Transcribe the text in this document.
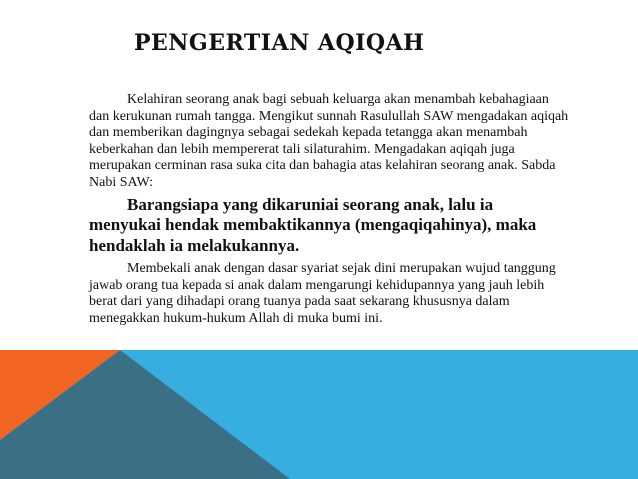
PENGERTIAN AQIQAH

Kelahiran seorang anak bagi sebuah keluarga akan menambah kebahagiaan dan kerukunan rumah tangga. Mengikut sunnah Rasulullah SAW mengadakan aqiqah dan memberikan dagingnya sebagai sedekah kepada tetangga akan menambah keberkahan dan lebih mempererat tali silaturahim. Mengadakan aqiqah juga merupakan cerminan rasa suka cita dan bahagia atas kelahiran seorang anak. Sabda Nabi SAW:

Barangsiapa yang dikaruniai seorang anak, lalu ia menyukai hendak membaktikannya (mengaqiqahinya), maka hendaklah ia melakukannya.

Membekali anak dengan dasar syariat sejak dini merupakan wujud tanggung jawab orang tua kepada si anak dalam mengarungi kehidupannya yang jauh lebih berat dari yang dihadapi orang tuanya pada saat sekarang khususnya dalam menegakkan hukum-hukum Allah di muka bumi ini.
